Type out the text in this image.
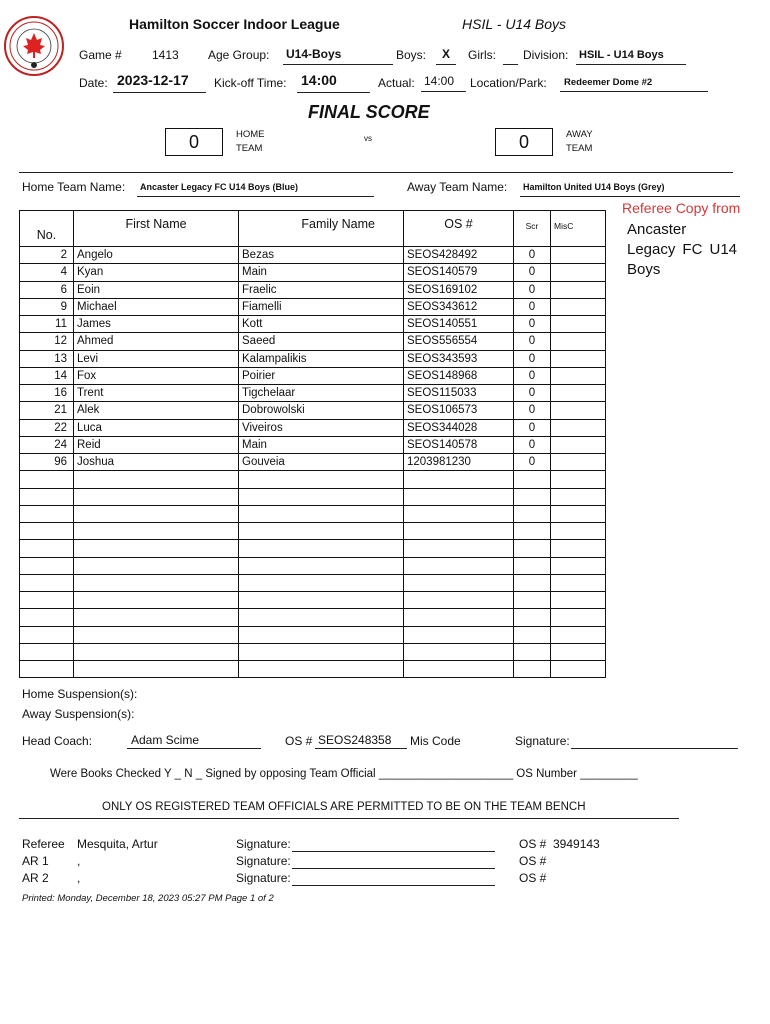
Hamilton Soccer Indoor League	HSIL - U14 Boys
Game #	1413 Age Group: U14-Boys	Boys:	X	Girls: Division: HSIL - U14 Boys
Date: 2023-12-17	Kick-off Time: 14:00	Actual: 14:00	Location/Park:	Redeemer Dome #2
FINAL SCORE
0	HOME
TEAM
vs	0	AWAY
TEAM
Home Team Name:	Ancaster Legacy FC U14 Boys (Blue)	Away Team Name:	Hamilton United U14 Boys (Grey)
No.	First Name	Family Name	OS #	Scr	MisC
2	Angelo	Bezas	SEOS428492	0	
4	Kyan	Main	SEOS140579	0	
6	Eoin	Fraelic	SEOS169102	0	
9	Michael	Fiamelli	SEOS343612	0	
11	James	Kott	SEOS140551	0	
12	Ahmed	Saeed	SEOS556554	0	
13	Levi	Kalampalikis	SEOS343593	0	
14	Fox	Poirier	SEOS148968	0	
16	Trent	Tigchelaar	SEOS115033	0	
21	Alek	Dobrowolski	SEOS106573	0	
22	Luca	Viveiros	SEOS344028	0	
24	Reid	Main	SEOS140578	0	
96	Joshua	Gouveia	1203981230	0	

Referee Copy from
Ancaster Legacy FC U14 Boys
Home Suspension(s):
Away Suspension(s):
Head Coach:	Adam Scime	OS # SEOS248358	Mis Code	Signature:
Were Books Checked Y _ N _ Signed by opposing Team Official _____________________ OS Number _________
ONLY OS REGISTERED TEAM OFFICIALS ARE PERMITTED TO BE ON THE TEAM BENCH
Referee Mesquita, Artur	Signature:	OS # 3949143
AR 1 ,	Signature:	OS #
AR 2 ,	Signature:	OS #
Printed: Monday, December 18, 2023 05:27 PM Page 1 of 2
